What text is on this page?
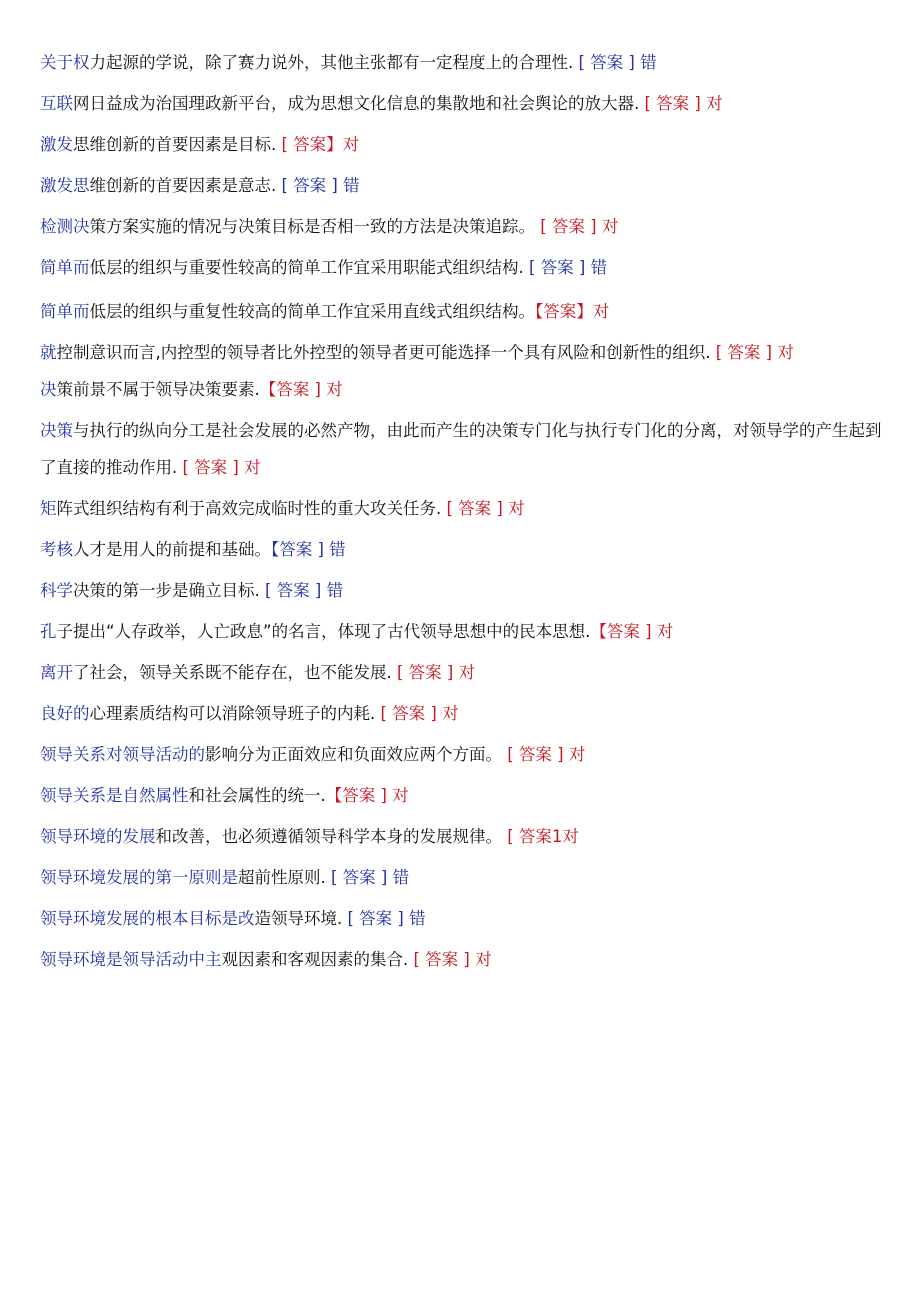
关于权力起源的学说，除了赛力说外，其他主张都有一定程度上的合理性. [ 答案 ] 错
互联网日益成为治国理政新平台，成为思想文化信息的集散地和社会舆论的放大器. [ 答案 ] 对
激发思维创新的首要因素是目标. [ 答案】对
激发思维创新的首要因素是意志. [ 答案 ] 错
检测决策方案实施的情况与决策目标是否相一致的方法是决策追踪。 [ 答案 ] 对
简单而低层的组织与重要性较高的简单工作宜采用职能式组织结构. [ 答案 ] 错
简单而低层的组织与重复性较高的简单工作宜采用直线式组织结构。【答案】对
就控制意识而言,内控型的领导者比外控型的领导者更可能选择一个具有风险和创新性的组织. [ 答案 ] 对
决策前景不属于领导决策要素.【答案 ] 对
决策与执行的纵向分工是社会发展的必然产物，由此而产生的决策专门化与执行专门化的分离，对领导学的产生起到了直接的推动作用. [ 答案 ] 对
矩阵式组织结构有利于高效完成临时性的重大攻关任务. [ 答案 ] 对
考核人才是用人的前提和基础。【答案 ] 错
科学决策的第一步是确立目标. [ 答案 ] 错
孔子提出“人存政举，人亡政息”的名言，体现了古代领导思想中的民本思想.【答案 ] 对
离开了社会，领导关系既不能存在，也不能发展. [ 答案 ] 对
良好的心理素质结构可以消除领导班子的内耗. [ 答案 ] 对
领导关系对领导活动的影响分为正面效应和负面效应两个方面。 [ 答案 ] 对
领导关系是自然属性和社会属性的统一.【答案 ] 对
领导环境的发展和改善，也必须遵循领导科学本身的发展规律。 [ 答案1对
领导环境发展的第一原则是超前性原则. [ 答案 ] 错
领导环境发展的根本目标是改造领导环境. [ 答案 ] 错
领导环境是领导活动中主观因素和客观因素的集合. [ 答案 ] 对
